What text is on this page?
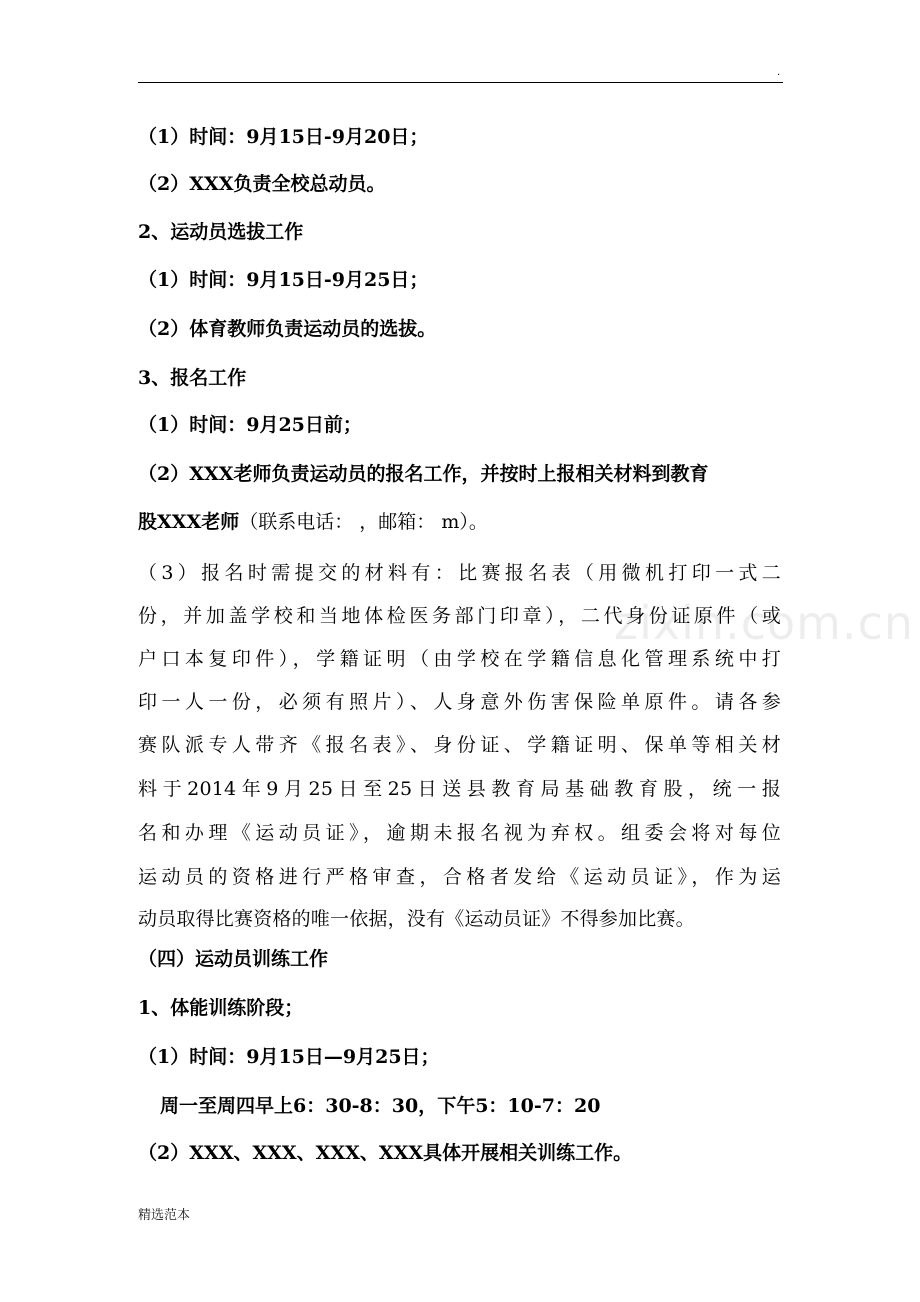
.
zixin.com.cn
（1）时间：9月15日-9月20日；
（2）XXX负责全校总动员。
2、运动员选拔工作
（1）时间：9月15日-9月25日；
（2）体育教师负责运动员的选拔。
3、报名工作
（1）时间：9月25日前；
（2）XXX老师负责运动员的报名工作，并按时上报相关材料到教育
股XXX老师（联系电话： ，邮箱： m）。
（3）报名时需提交的材料有：比赛报名表（用微机打印一式二
份，并加盖学校和当地体检医务部门印章），二代身份证原件（或
户口本复印件），学籍证明（由学校在学籍信息化管理系统中打
印一人一份，必须有照片）、人身意外伤害保险单原件。请各参
赛队派专人带齐《报名表》、身份证、学籍证明、保单等相关材
料于2014年9月25日至25日送县教育局基础教育股，统一报
名和办理《运动员证》，逾期未报名视为弃权。组委会将对每位
运动员的资格进行严格审查，合格者发给《运动员证》，作为运
动员取得比赛资格的唯一依据，没有《运动员证》不得参加比赛。
（四）运动员训练工作
1、体能训练阶段；
（1）时间：9月15日—9月25日；
周一至周四早上6：30-8：30，下午5：10-7：20
（2）XXX、XXX、XXX、XXX具体开展相关训练工作。
精选范本
